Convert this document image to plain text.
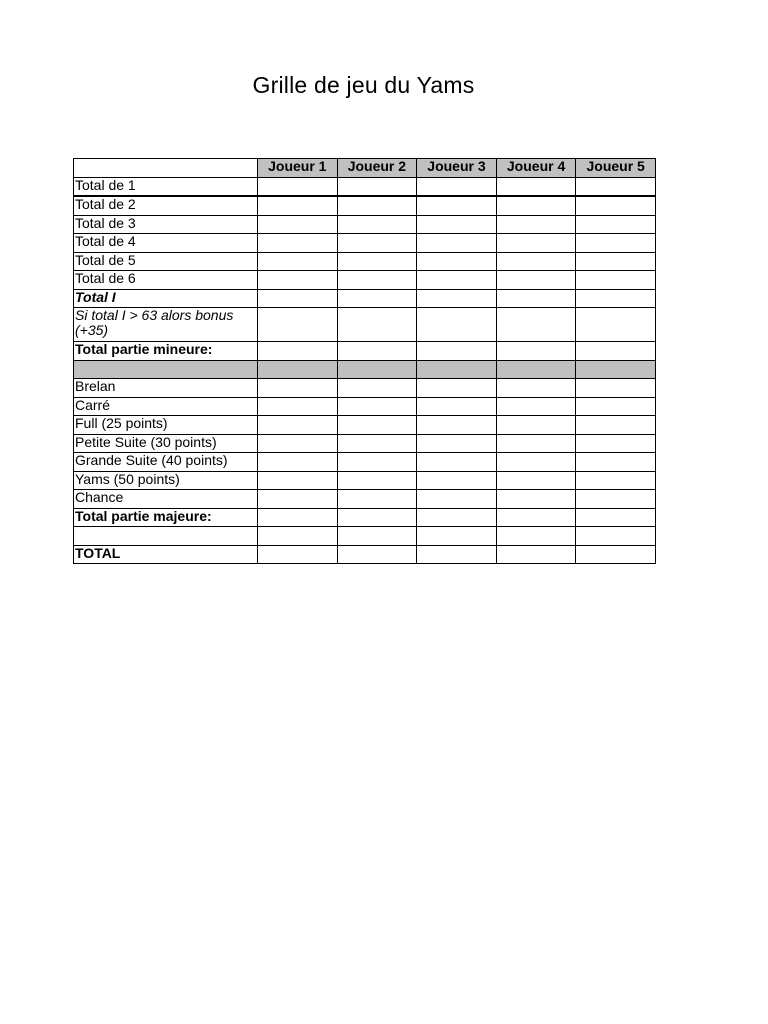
Grille de jeu du Yams
	Joueur 1	Joueur 2	Joueur 3	Joueur 4	Joueur 5
Total de 1					
Total de 2					
Total de 3					
Total de 4					
Total de 5					
Total de 6					
Total I					
Si total I > 63 alors bonus (+35)					
Total partie mineure:					

Brelan					
Carré					
Full (25 points)					
Petite Suite (30 points)					
Grande Suite (40 points)					
Yams (50 points)					
Chance					
Total partie majeure:					

TOTAL					
